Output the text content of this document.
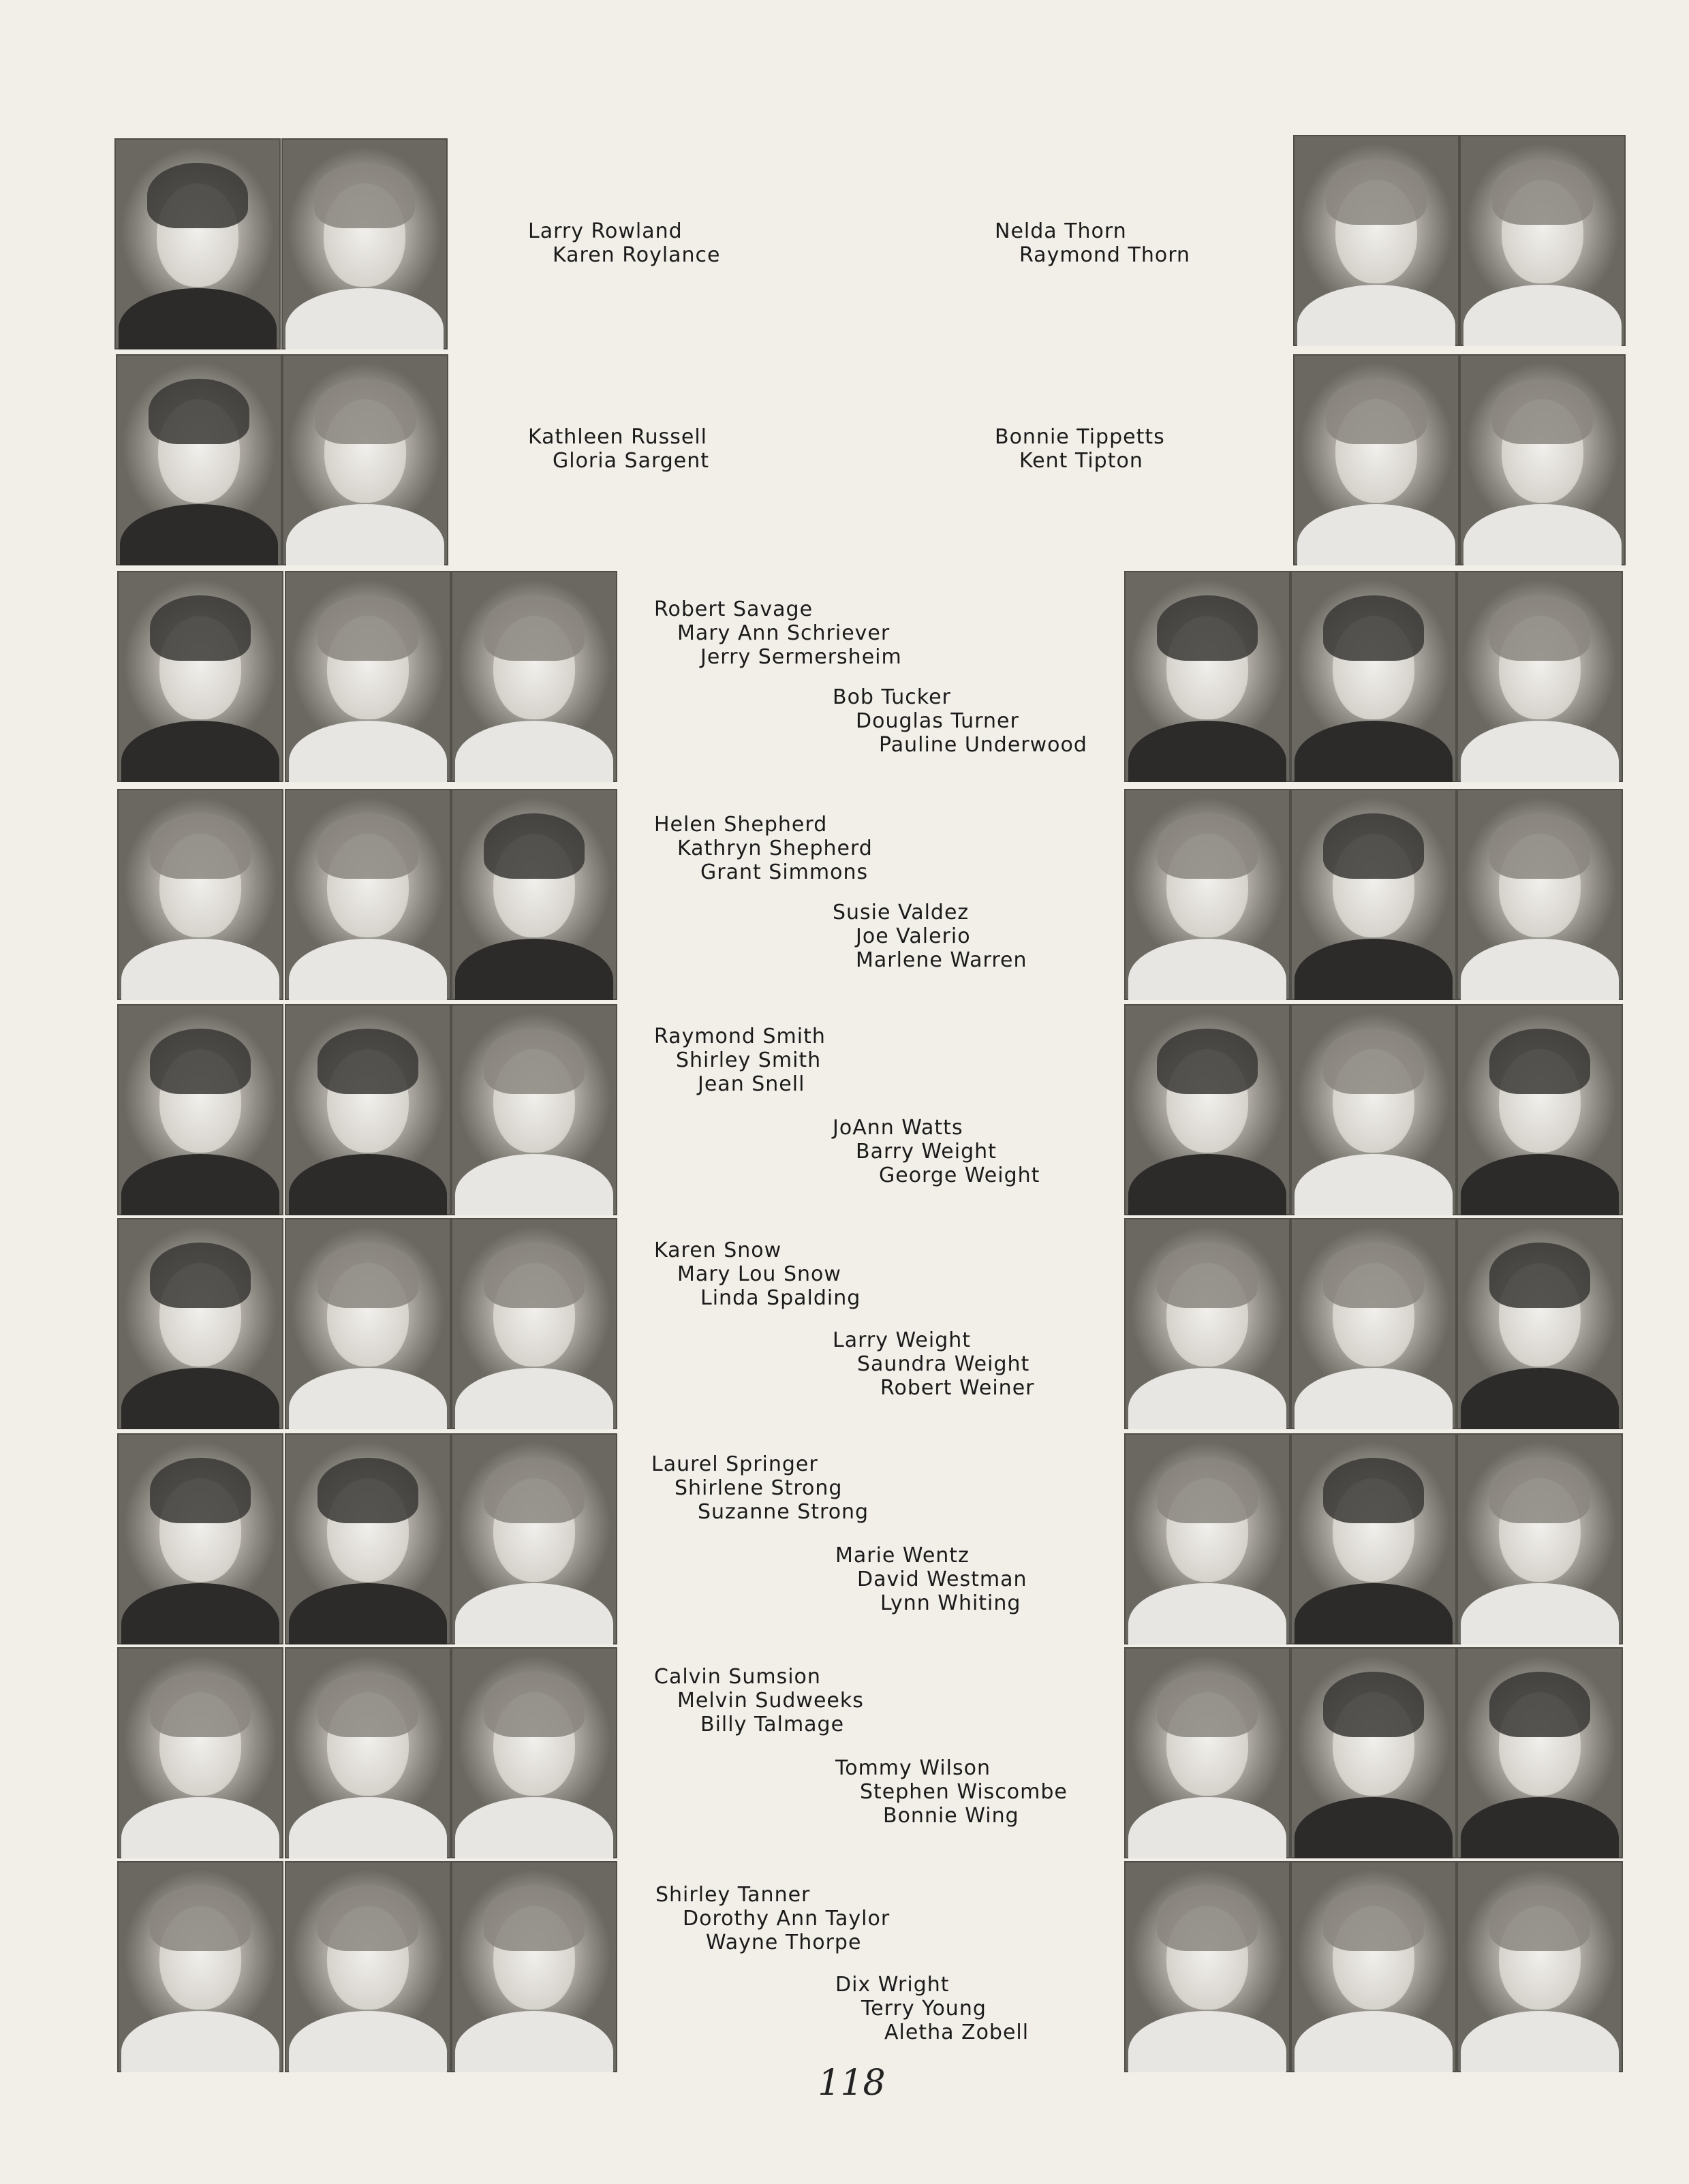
Larry Rowland
Karen Roylance
Nelda Thorn
Raymond Thorn
Kathleen Russell
Gloria Sargent
Bonnie Tippetts
Kent Tipton
Robert Savage
Mary Ann Schriever
Jerry Sermersheim
Bob Tucker
Douglas Turner
Pauline Underwood
Helen Shepherd
Kathryn Shepherd
Grant Simmons
Susie Valdez
Joe Valerio
Marlene Warren
Raymond Smith
Shirley Smith
Jean Snell
JoAnn Watts
Barry Weight
George Weight
Karen Snow
Mary Lou Snow
Linda Spalding
Larry Weight
Saundra Weight
Robert Weiner
Laurel Springer
Shirlene Strong
Suzanne Strong
Marie Wentz
David Westman
Lynn Whiting
Calvin Sumsion
Melvin Sudweeks
Billy Talmage
Tommy Wilson
Stephen Wiscombe
Bonnie Wing
Shirley Tanner
Dorothy Ann Taylor
Wayne Thorpe
Dix Wright
Terry Young
Aletha Zobell
118
